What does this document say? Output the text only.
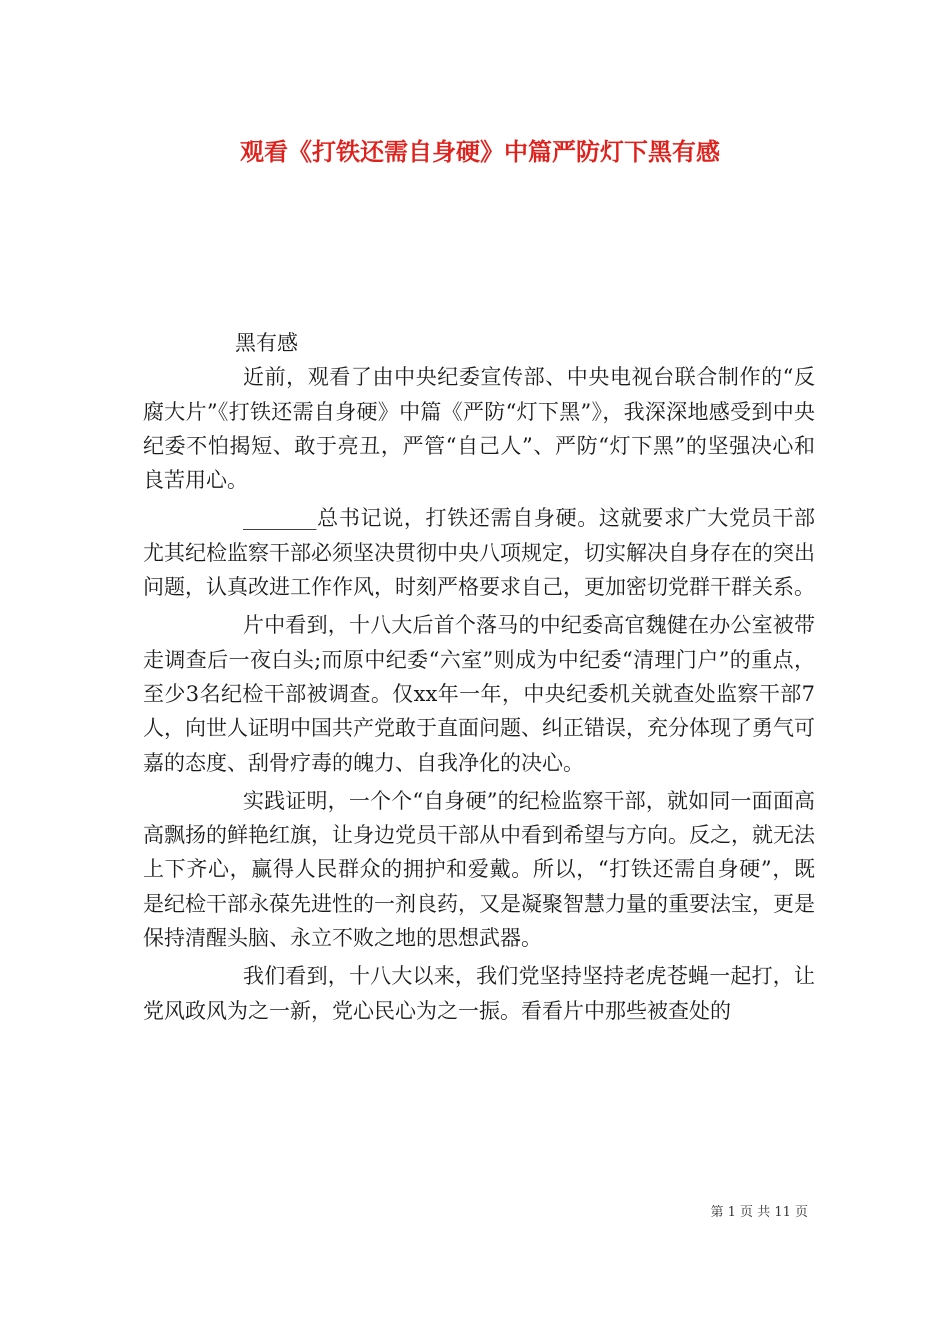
观看《打铁还需自身硬》中篇严防灯下黑有感

黑有感

近前，观看了由中央纪委宣传部、中央电视台联合制作的“反腐大片”《打铁还需自身硬》中篇《严防“灯下黑”》，我深深地感受到中央纪委不怕揭短、敢于亮丑，严管“自己人”、严防“灯下黑”的坚强决心和良苦用心。

_______总书记说，打铁还需自身硬。这就要求广大党员干部尤其纪检监察干部必须坚决贯彻中央八项规定，切实解决自身存在的突出问题，认真改进工作作风，时刻严格要求自己，更加密切党群干群关系。

片中看到，十八大后首个落马的中纪委高官魏健在办公室被带走调查后一夜白头;而原中纪委“六室”则成为中纪委“清理门户”的重点，至少3名纪检干部被调查。仅xx年一年，中央纪委机关就查处监察干部7人，向世人证明中国共产党敢于直面问题、纠正错误，充分体现了勇气可嘉的态度、刮骨疗毒的魄力、自我净化的决心。

实践证明，一个个“自身硬”的纪检监察干部，就如同一面面高高飘扬的鲜艳红旗，让身边党员干部从中看到希望与方向。反之，就无法上下齐心，赢得人民群众的拥护和爱戴。所以，“打铁还需自身硬”，既是纪检干部永葆先进性的一剂良药，又是凝聚智慧力量的重要法宝，更是保持清醒头脑、永立不败之地的思想武器。

我们看到，十八大以来，我们党坚持坚持老虎苍蝇一起打，让党风政风为之一新，党心民心为之一振。看看片中那些被查处的

第 1 页 共 11 页
